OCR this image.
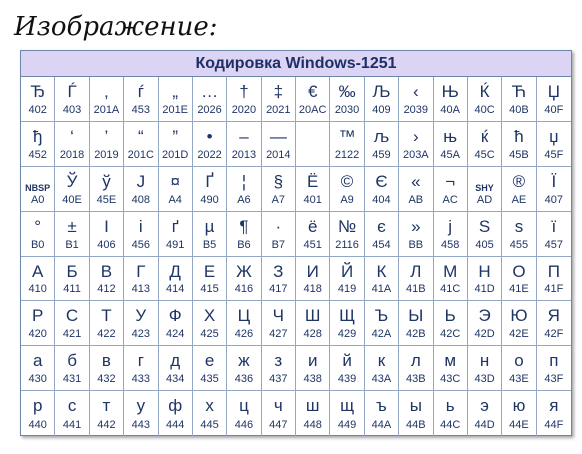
Изображение:
Кодировка Windows-1251
Ђ
402
Ѓ
403
‚
201A
ѓ
453
„
201E
…
2026
†
2020
‡
2021
€
20AC
‰
2030
Љ
409
‹
2039
Њ
40A
Ќ
40C
Ћ
40B
Џ
40F
ђ
452
‘
2018
’
2019
“
201C
”
201D
•
2022
–
2013
—
2014
™
2122
љ
459
›
203A
њ
45A
ќ
45C
ћ
45B
џ
45F
NBSP
A0
Ў
40E
ў
45E
Ј
408
¤
A4
Ґ
490
¦
A6
§
A7
Ё
401
©
A9
Є
404
«
AB
¬
AC
SHY
AD
®
AE
Ї
407
°
B0
±
B1
І
406
і
456
ґ
491
µ
B5
¶
B6
·
B7
ё
451
№
2116
є
454
»
BB
ј
458
Ѕ
405
ѕ
455
ї
457
А
410
Б
411
В
412
Г
413
Д
414
Е
415
Ж
416
З
417
И
418
Й
419
К
41A
Л
41B
М
41C
Н
41D
О
41E
П
41F
Р
420
С
421
Т
422
У
423
Ф
424
Х
425
Ц
426
Ч
427
Ш
428
Щ
429
Ъ
42A
Ы
42B
Ь
42C
Э
42D
Ю
42E
Я
42F
а
430
б
431
в
432
г
433
д
434
е
435
ж
436
з
437
и
438
й
439
к
43A
л
43B
м
43C
н
43D
о
43E
п
43F
р
440
с
441
т
442
у
443
ф
444
х
445
ц
446
ч
447
ш
448
щ
449
ъ
44A
ы
44B
ь
44C
э
44D
ю
44E
я
44F
